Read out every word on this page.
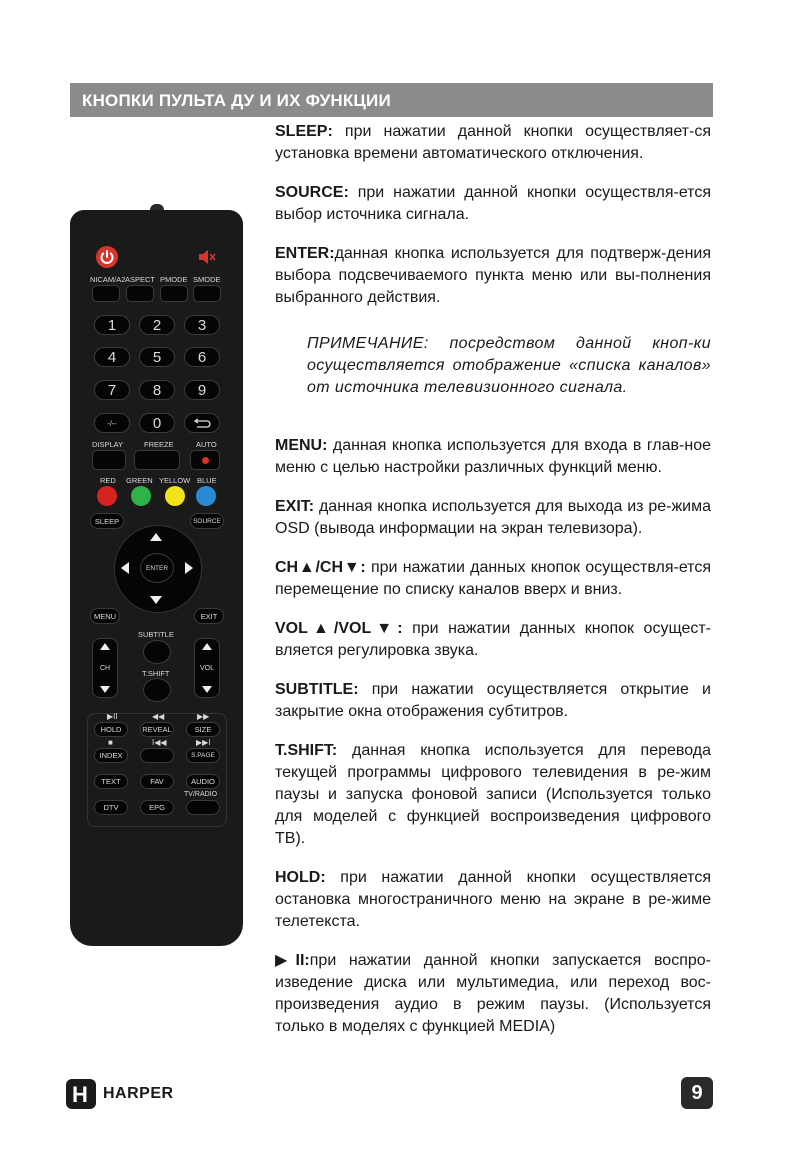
КНОПКИ ПУЛЬТА ДУ И ИХ ФУНКЦИИ
NICAM/A2 ASPECT PMODE SMODE
1	2	3
4	5	6
7	8	9
-/--	0
DISPLAY	FREEZE	AUTO
RED GREEN YELLOW BLUE
SLEEP	SOURCE
ENTER
MENU	EXIT
SUBTITLE
CH
T.SHIFT
VOL
▶II	◀◀	▶▶
HOLD	REVEAL	SIZE
■	I◀◀	▶▶I
INDEX	S.PAGE
TEXT	FAV	AUDIO
TV/RADIO
DTV	EPG

SLEEP: при нажатии данной кнопки осуществляет-ся установка времени автоматического отключения.

SOURCE: при нажатии данной кнопки осуществля-ется выбор источника сигнала.

ENTER:данная кнопка используется для подтверж-дения выбора подсвечиваемого пункта меню или вы-полнения выбранного действия.

ПРИМЕЧАНИЕ: посредством данной кноп-ки осуществляется отображение «списка каналов» от источника телевизионного сигнала.

MENU: данная кнопка используется для входа в глав-ное меню с целью настройки различных функций меню.

EXIT: данная кнопка используется для выхода из ре-жима OSD (вывода информации на экран телевизора).

CH▲/CH▼: при нажатии данных кнопок осуществля-ется перемещение по списку каналов вверх и вниз.

VOL▲/VOL▼: при нажатии данных кнопок осущест-вляется регулировка звука.

SUBTITLE: при нажатии осуществляется открытие и закрытие окна отображения субтитров.

T.SHIFT: данная кнопка используется для перевода текущей программы цифрового телевидения в ре-жим паузы и запуска фоновой записи (Используется только для моделей с функцией воспроизведения цифрового ТВ).

HOLD: при нажатии данной кнопки осуществляется остановка многостраничного меню на экране в ре-жиме телетекста.

▶II:при нажатии данной кнопки запускается воспро-изведение диска или мультимедиа, или переход вос-произведения аудио в режим паузы. (Используется только в моделях с функцией MEDIA)

H HARPER	9
